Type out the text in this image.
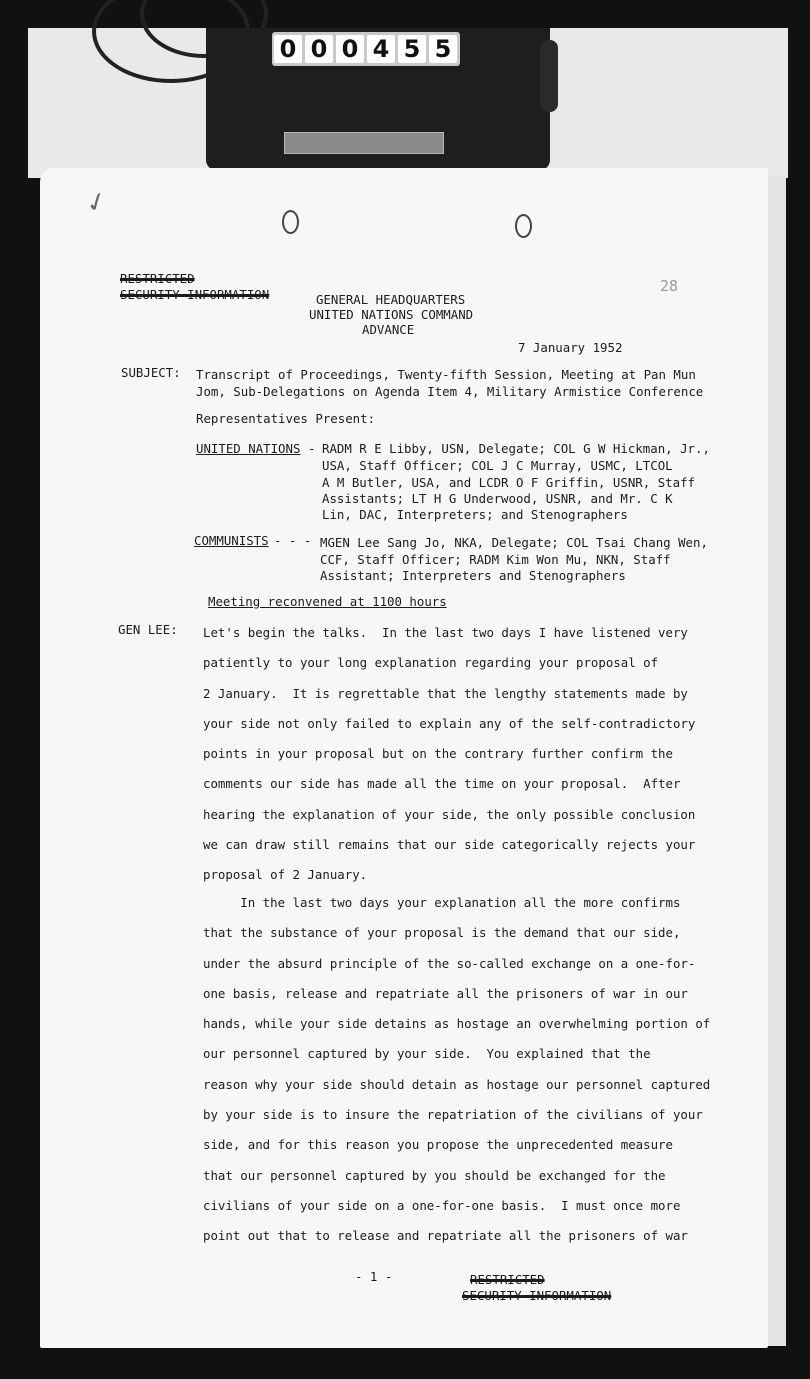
0 0 0 4 5 5
✓

RESTRICTED

SECURITY INFORMATION	28

GENERAL HEADQUARTERS

UNITED NATIONS COMMAND

ADVANCE

7 January 1952

SUBJECT: Transcript of Proceedings, Twenty-fifth Session, Meeting at Pan Mun

Jom, Sub-Delegations on Agenda Item 4, Military Armistice Conference

Representatives Present:

UNITED NATIONS - RADM R E Libby, USN, Delegate; COL G W Hickman, Jr.,

USA, Staff Officer; COL J C Murray, USMC, LTCOL

A M Butler, USA, and LCDR O F Griffin, USNR, Staff

Assistants; LT H G Underwood, USNR, and Mr. C K

Lin, DAC, Interpreters; and Stenographers

COMMUNISTS - - - MGEN Lee Sang Jo, NKA, Delegate; COL Tsai Chang Wen,

CCF, Staff Officer; RADM Kim Won Mu, NKN, Staff

Assistant; Interpreters and Stenographers

Meeting reconvened at 1100 hours

GEN LEE: Let's begin the talks.  In the last two days I have listened very
patiently to your long explanation regarding your proposal of
2 January.  It is regrettable that the lengthy statements made by
your side not only failed to explain any of the self-contradictory
points in your proposal but on the contrary further confirm the
comments our side has made all the time on your proposal.  After
hearing the explanation of your side, the only possible conclusion
we can draw still remains that our side categorically rejects your
proposal of 2 January.
In the last two days your explanation all the more confirms
that the substance of your proposal is the demand that our side,
under the absurd principle of the so-called exchange on a one-for-
one basis, release and repatriate all the prisoners of war in our
hands, while your side detains as hostage an overwhelming portion of
our personnel captured by your side.  You explained that the
reason why your side should detain as hostage our personnel captured
by your side is to insure the repatriation of the civilians of your
side, and for this reason you propose the unprecedented measure
that our personnel captured by you should be exchanged for the
civilians of your side on a one-for-one basis.  I must once more
point out that to release and repatriate all the prisoners of war

- 1 -	RESTRICTED

SECURITY INFORMATION
